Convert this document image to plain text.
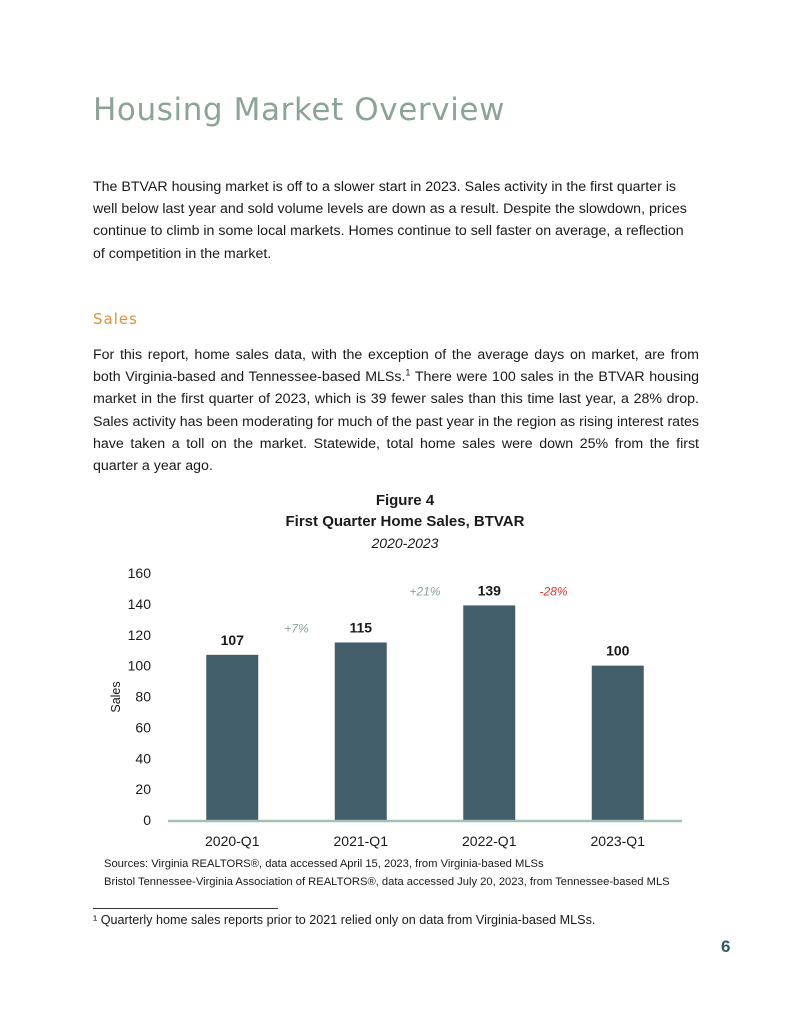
Housing Market Overview

The BTVAR housing market is off to a slower start in 2023. Sales activity in the first quarter is well below last year and sold volume levels are down as a result. Despite the slowdown, prices continue to climb in some local markets. Homes continue to sell faster on average, a reflection of competition in the market.

Sales

For this report, home sales data, with the exception of the average days on market, are from both Virginia-based and Tennessee-based MLSs.$^1$ There were 100 sales in the BTVAR housing market in the first quarter of 2023, which is 39 fewer sales than this time last year, a 28% drop. Sales activity has been moderating for much of the past year in the region as rising interest rates have taken a toll on the market. Statewide, total home sales were down 25% from the first quarter a year ago.

Figure 4
First Quarter Home Sales, BTVAR
2020-2023
0
20
40
60
80
100
120
140
160
Sales
107
2020-Q1
115
2021-Q1
139
2022-Q1
100
2023-Q1
+7%
+21%	-28%
Sources: Virginia REALTORS®, data accessed April 15, 2023, from Virginia-based MLSs
Bristol Tennessee-Virginia Association of REALTORS®, data accessed July 20, 2023, from Tennessee-based MLS
¹ Quarterly home sales reports prior to 2021 relied only on data from Virginia-based MLSs.
6
